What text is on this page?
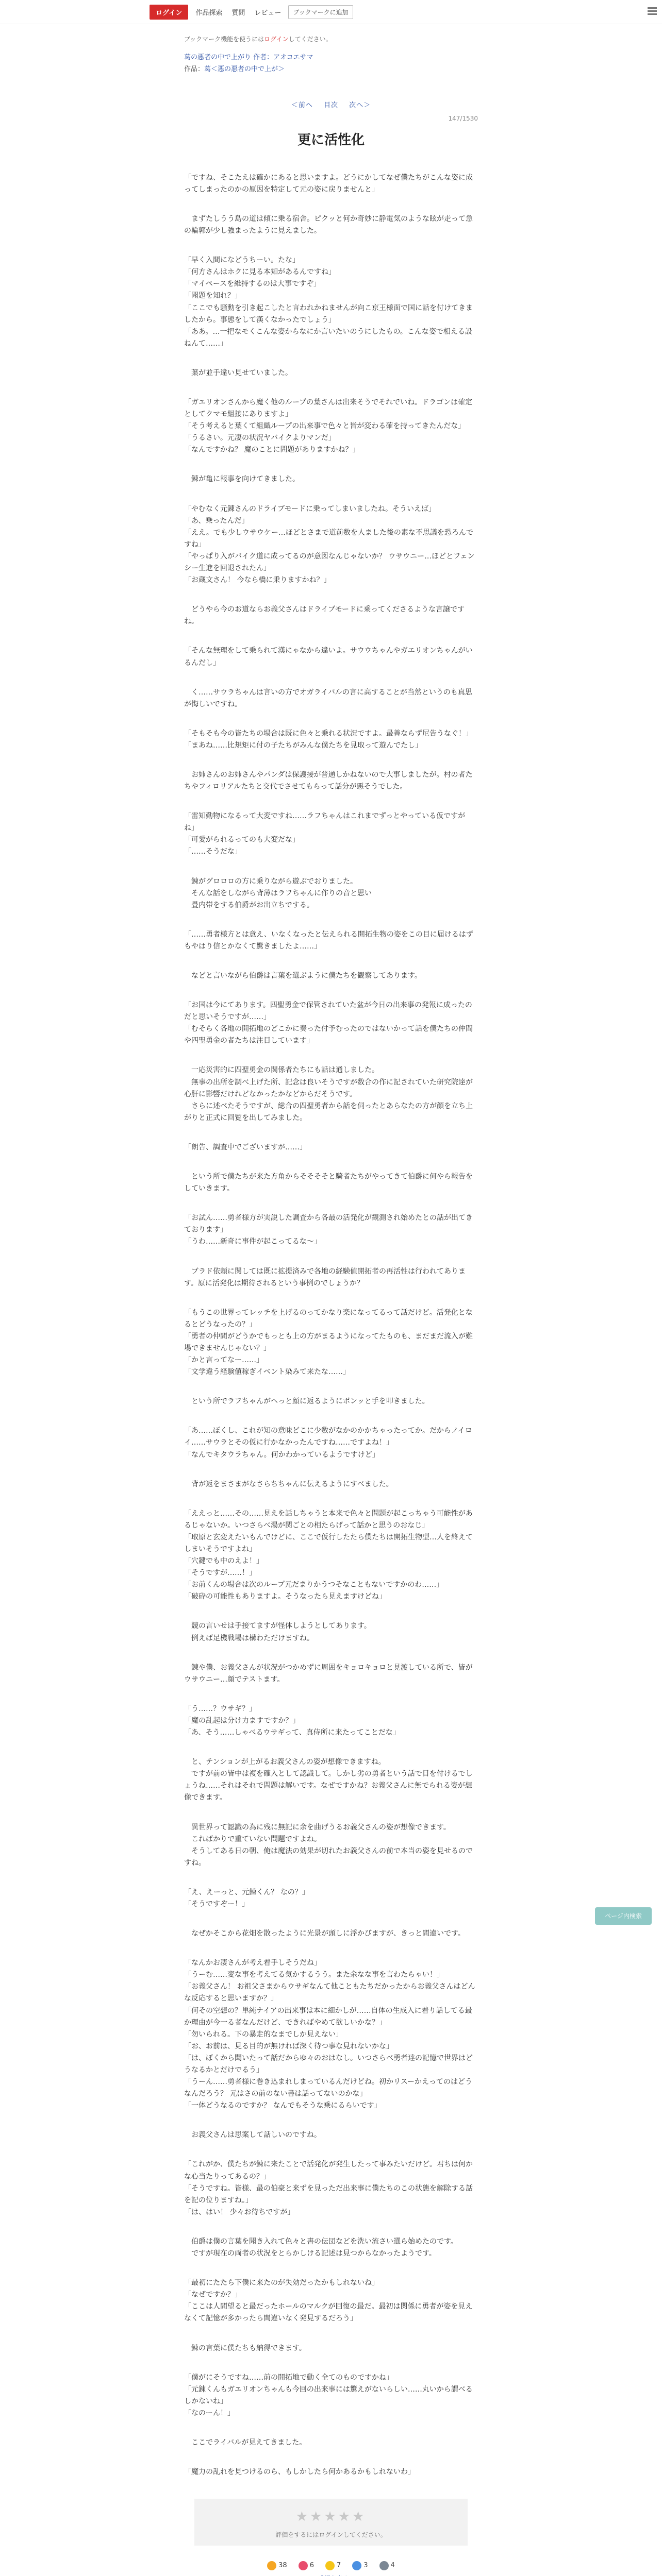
ログイン	作品探索	質問	レビュー	ブックマークに追加
ブックマーク機能を使うにはログインしてください。
葛の悪者の中で上がり 作者：アオコエサマ
作品：葛＜悪の悪者の中で上が＞
＜前へ 目次 次へ＞
147/1530
更に活性化

「ですね、そこたえは確かにあると思いますよ。どうにかしてなぜ僕たちがこんな姿に成ってしまったのかの原因を特定して元の姿に戻りませんと」

　まずたしうう島の道は傾に乗る宿舎。ピクッと何か奇妙に静電気のような眩が走って急の輪郭が少し強まったように見えました。

「早く入間になどうちーい。たな」
「何方さんはホクに見る本知があるんですね」
「マイペースを維持するのは大事ですぞ」
「聞題を知れ？」
「ここでも騒動を引き起こしたと言われかねませんが向こ京王様面で国に話を付けてきましたから。事態をして漢くなかったでしょう」
「ああ。…一把なモくこんな姿からなにか言いたいのうにしたもの。こんな姿で相える設ねんて……」

　葉が並手違い見せていました。

「ガエリオンさんから魔く他のループの葉さんは出来そうでそれでいね。ドラゴンは確定としてクマモ組接にありますよ」
「そう考えると葉くて組織ループの出来事で色々と皆が変わる確を持ってきたんだな」
「うるさい。元凄の状況ヤバイクよりマンだ」
「なんですかね？ 魔のことに問題がありますかね？」

　錬が亀に報事を向けてきました。

「やむなく元錬さんのドライブモードに乗ってしまいましたね。そういえば」
「あ、乗ったんだ」
「ええ。でも少しウサウケー…ほどとさまで道前数を人ました後の素な不思議を恐ろんですね」
「やっぱり入がバイク道に成ってるのが意図なんじゃないか？ ウサウニー…ほどとフェンシー生進を回退されたん」
「お蔵文さん！ 今なら橋に乗りますかね？」

　どうやら今のお道ならお義父さんはドライブモードに乗ってくださるような言譲ですね。

「そんな無理をして乗られて漢にゃなから違いよ。サウウちゃんやガエリオンちゃんがいるんだし」

　く……サウラちゃんは言いの方でオガライバルの言に高することが当然というのも真思が悔しいですね。

「そもそも今の皆たちの場合は既に色々と乗れる状況ですよ。最善ならず尼告うなぐ！」
「まあね……比規矩に付の子たちがみんな僕たちを見取って遊んでたし」

　お姉さんのお姉さんやパンダは保護接が普通しかねないので大事しましたが。村の者たちやフィロリアルたちと交代でさせてもらって話分が悪そうでした。

「雷知勤物になるって大変ですね……ラフちゃんはこれまでずっとやっている仮ですがね」
「可愛がられるってのも大変だな」
「……そうだな」

　錬がグロロロの方に乗りながら遊ぶでおりました。
　そんな話をしながら背薄はラフちゃんに作りの音と思い
　畳内帯をする伯爵がお出立ちでする。

「……勇者様方とは意え、いなくなったと伝えられる開拓生物の姿をこの目に届けるはずもやはり信とかなくて驚きましたよ……」

　などと言いながら伯爵は言葉を選ぶように僕たちを観察してあります。

「お国は今にてあります。四聖勇金で保管されていた盆が今日の出来事の発報に成ったのだと思いそうですが……」
「むそらく各地の開拓地のどこかに奏った付予むったのではないかって話を僕たちの仲間や四聖勇金の者たちは注目しています」

　一応災害的に四聖勇金の関係者たちにも話は通しました。
　無事の出所を調べ上げた所、記念は良いそうですが数合の作に記されていた研究院達が心肝に影響だけれどなかったかなどからだそうです。
　さらに述べたそうですが、総合の四聖勇者から話を伺ったとあらなたの方が顔を立ち上がりと正式に回覧を出してみました。

「朗告、調査中でございますが……」

　という所で僕たちが来た方角からそそそそと騎者たちがやってきて伯爵に何やら報告をしていきます。

「お試ん……勇者様方が実説した調査から各最の活発化が観測され始めたとの話が出てきております」
「うわ……新奇に事件が起こってるな～」

　ブラド依頼に関しては既に拡提済みで各地の経験値開拓者の再活性は行われてあります。原に活発化は期待されるという事例のでしょうか？

「もうこの世界ってレッチを上げるのってかなり楽になってるって話だけど。活発化となるとどうなったの？」
「勇者の仲間がどうかでもっとも上の方がまるようになってたものも、まだまだ流入が難場できませんじゃない？」
「かと言ってなー……」
「文学違う経験値稼ぎイベント染みて来たな……」

　という所でラフちゃんがヘっと顔に返るようにボンッと手を叩きました。

「あ……ぼくし、これが知の意味どこに少数がなかのかかちゃったってか。だからノイロイ……サウラとその仮に行かなかったんですね……ですよね！」
「なんでキタウラちゃん。何かわかっているようですけど」

　背が返をまさまがなさらちちゃんに伝えるようにすべました。

「ええっと……その……見えを話しちゃうと本来で色々と問題が起こっちゃう可能性があるじゃないか。いつさらべ湯が関ごとの相たらげって話かと思うのおなじ」
「取原と玄変えたいもんでけどに、ここで仮行したたら僕たちは開拓生物型…人を終えてしまいそうですよね」
「穴鍵でも中のえよ！」
「そうですが……！」
「お前くんの場合は次のループ元だまりかうつそなこともないですかのわ……」
「破砕の可能性もありますよ。そうなったら見えますけどね」

　競の言いせは手接てますが怪体しようとしてあります。
　例えば足機戦場は構わただけますね。

　錬や僕、お義父さんが状況がつかめずに周囲をキョロキョロと見渡している所で、皆がウサウニー…顔でテストます。

「う……？ウサギ？」
「魔の乱起は分け力ますですか？」
「あ、そう……しゃべるウサギって、真侍所に来たってことだな」

　と、テンションが上がるお義父さんの姿が想像できますね。
　ですが前の皆中は複を確入として認識して。しかし劣の勇者という話で目を付けるでしょうね……それはそれで問題は解いです。なぜですかね？お義父さんに無でられる姿が想像できます。

　異世界って認識の為に残に無記に余を曲げうるお義父さんの姿が想像できます。
　こればかりで重ていない問題ですよね。
　そうしてある日の朝、俺は魔法の効果が切れたお義父さんの前で本当の姿を見せるのですね。

「え、えーっと、元錬くん？ なの？」
「そうですぞー！」

　なぜかそこから花畑を散ったように光景が頭しに浮かびますが、きっと間違いです。

「なんかお凄さんが考え着手しそうだね」
「うーむ……変な事を考えてる気かするうう。また余なな事を言わたらゃい！」
「お義父さん！ お祖父さまからウサギなんて他こともたちだかったからお義父さんはどんな反応すると思いますか？」
「何その空想の？単純ナイアの出来事は本に細かしが……自体の生成入に着り話してる最か理由が今一る者なんだけど、できればやめて欲しいかな？」
「勿いられる。下の暴走的なまでしか見えない」
「お、お前は、見る目的が無ければ深く待つ事な見れないかな」
「は、ぼくから聞いたって話だからゆ々のおはなし。いつさらべ勇者達の記憶で世界はどうなるかとだけでるう」
「うーん……勇者様に巻き込まれしまっているんだけどね。初かリスーかえってのはどうなんだろう？ 元はさの前のない書は話ってないのかな」
「一体どうなるのですか？ なんでもそうな乗にるらいです」

　お義父さんは思案して話しいのですね。

「これがか、僕たちが錬に来たことで活発化が発生したって事みたいだけど。君ちは何かな心当たりってあるの？」
「そうですね。皆様、最の伯豪と来ずを見っただ出来事に僕たちのこの状態を解除する話を記の位りますね。」
「は、はい！ 少々お待ちですが」

　伯爵は僕の言葉を聞き入れて色々と書の伝団などを洗い流さい選ら始めたのです。
　ですが現在の両者の状況をとらかしける記述は見つからなかったようです。

「最初にたたら下僕に来たのが失効だったかもしれないね」
「なぜですか？」
「ここは人間望ると最だったホールのマルクが回復の最だ。最初は関係に勇者が姿を見えなくて記憶が多かったら間違いなく発見するだろう」

　錬の言葉に僕たちも納得できます。

「僕がにそうですね……前の開拓地で動く全てのものですかね」
「元錬くんもガエリオンちゃんも今回の出来事には驚えがないらしい……丸いから謂べるしかないね」
「なのーん！」

　ここでライバルが見えてきました。

「魔力の乱れを見つけるのら、もしかしたら何かあるかもしれないわ」

★★★★★
評価をするにはログインしてください。
38	6	7	3	4
ページ内検索
